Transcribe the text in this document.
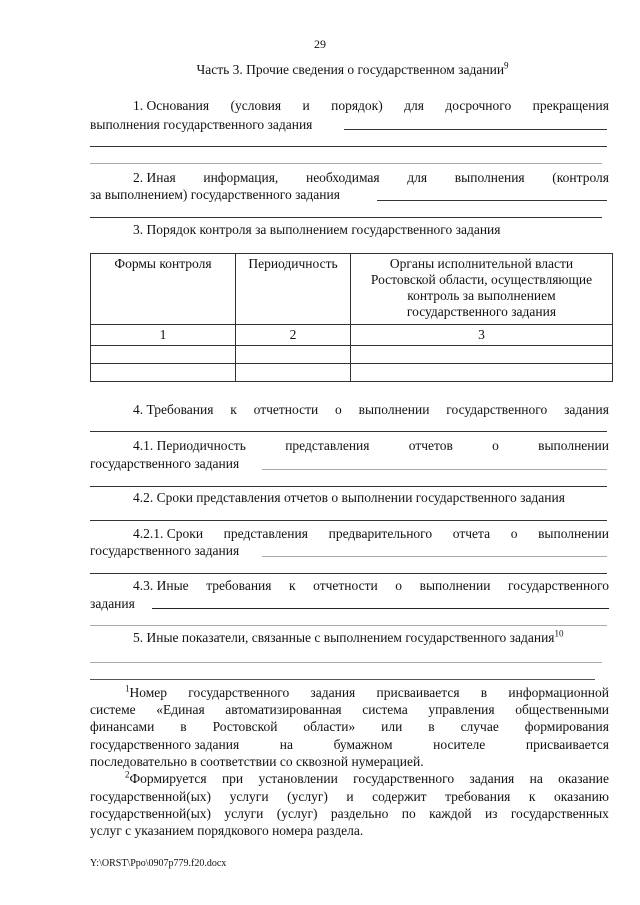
29
Часть 3. Прочие сведения о государственном задании$^9$
1. Основания (условия и порядок) для досрочного прекращения
выполнения государственного задания
2. Иная информация, необходимая для выполнения (контроля
за выполнением) государственного задания
3. Порядок контроля за выполнением государственного задания
Формы контроля	Периодичность	Органы исполнительной власти Ростовской области, осуществляющие контроль за выполнением государственного задания
1	2	3

4. Требования к отчетности о выполнении государственного задания
4.1. Периодичность	представления	отчетов	о	выполнении
государственного задания
4.2. Сроки представления отчетов о выполнении государственного задания
4.2.1. Сроки представления предварительного отчета о выполнении
государственного задания
4.3. Иные требования к отчетности о выполнении государственного
задания
5. Иные показатели, связанные с выполнением государственного задания$^{10}$
$^1$Номер государственного задания присваивается в информационной
системе «Единая автоматизированная система управления общественными
финансами в Ростовской области» или в случае формирования
государственного задания	на	бумажном	носителе	присваивается
последовательно в соответствии со сквозной нумерацией.
$^2$Формируется при установлении государственного задания на оказание
государственной(ых) услуги (услуг) и содержит требования к оказанию
государственной(ых) услуги (услуг) раздельно по каждой из государственных
услуг с указанием порядкового номера раздела.
Y:\ORST\Ppo\0907p779.f20.docx
